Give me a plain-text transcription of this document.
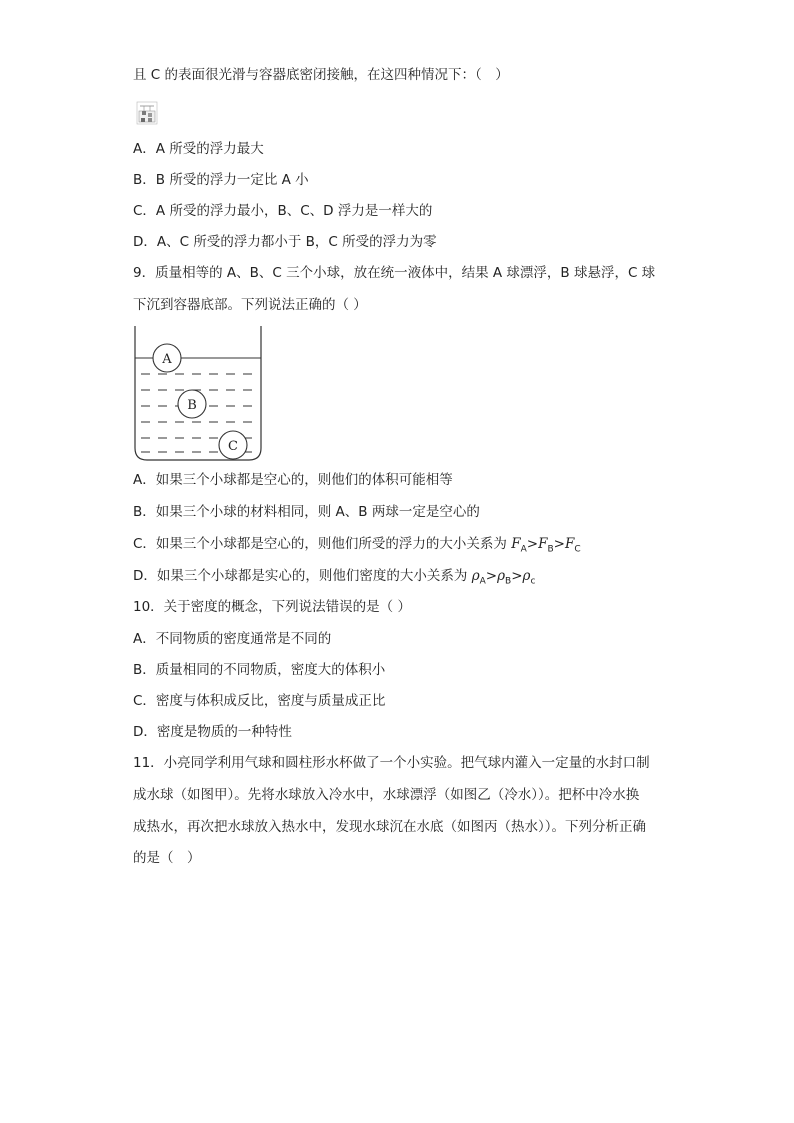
且 C 的表面很光滑与容器底密闭接触，在这四种情况下：（　）
A．A 所受的浮力最大
B．B 所受的浮力一定比 A 小
C．A 所受的浮力最小，B、C、D 浮力是一样大的
D．A、C 所受的浮力都小于 B，C 所受的浮力为零
9．质量相等的 A、B、C 三个小球，放在统一液体中，结果 A 球漂浮，B 球悬浮，C 球
下沉到容器底部。下列说法正确的（ ）
A
B
C
A．如果三个小球都是空心的，则他们的体积可能相等
B．如果三个小球的材料相同，则 A、B 两球一定是空心的
C．如果三个小球都是空心的，则他们所受的浮力的大小关系为 $F_A>F_B>F_C$
D．如果三个小球都是实心的，则他们密度的大小关系为 $\rho_A>\rho_B>\rho_c$
10．关于密度的概念，下列说法错误的是（ ）
A．不同物质的密度通常是不同的
B．质量相同的不同物质，密度大的体积小
C．密度与体积成反比，密度与质量成正比
D．密度是物质的一种特性
11．小亮同学利用气球和圆柱形水杯做了一个小实验。把气球内灌入一定量的水封口制
成水球（如图甲）。先将水球放入冷水中，水球漂浮（如图乙（冷水））。把杯中冷水换
成热水，再次把水球放入热水中，发现水球沉在水底（如图丙（热水））。下列分析正确
的是（　）
